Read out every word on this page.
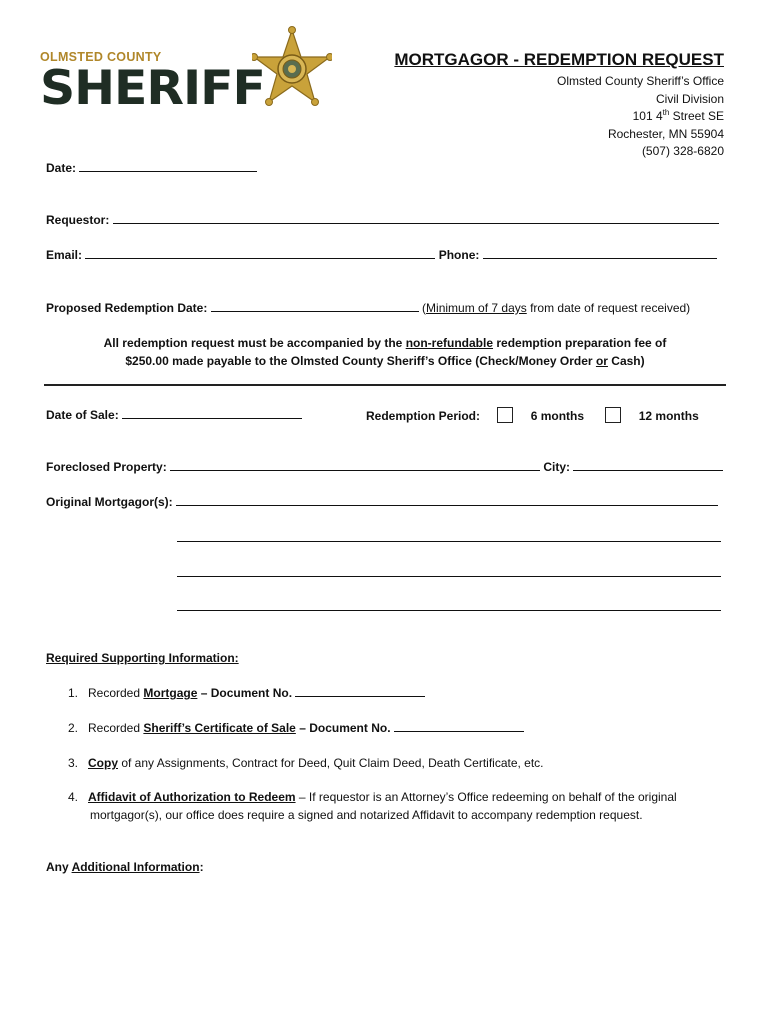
OLMSTED COUNTY
SHERIFF
MORTGAGOR - REDEMPTION REQUEST
Olmsted County Sheriff’s Office
Civil Division
101 4th Street SE
Rochester, MN 55904
(507) 328-6820
Date:
Requestor:
Email:	Phone:
Proposed Redemption Date:	(Minimum of 7 days from date of request received)
All redemption request must be accompanied by the non-refundable redemption preparation fee of
$250.00 made payable to the Olmsted County Sheriff’s Office (Check/Money Order or Cash)
Date of Sale:	Redemption Period:	6 months	12 months
Foreclosed Property:	City:
Original Mortgagor(s):
Required Supporting Information:
1. Recorded Mortgage – Document No.
2. Recorded Sheriff’s Certificate of Sale – Document No.
3. Copy of any Assignments, Contract for Deed, Quit Claim Deed, Death Certificate, etc.
4. Affidavit of Authorization to Redeem – If requestor is an Attorney’s Office redeeming on behalf of the original
mortgagor(s), our office does require a signed and notarized Affidavit to accompany redemption request.
Any Additional Information:
